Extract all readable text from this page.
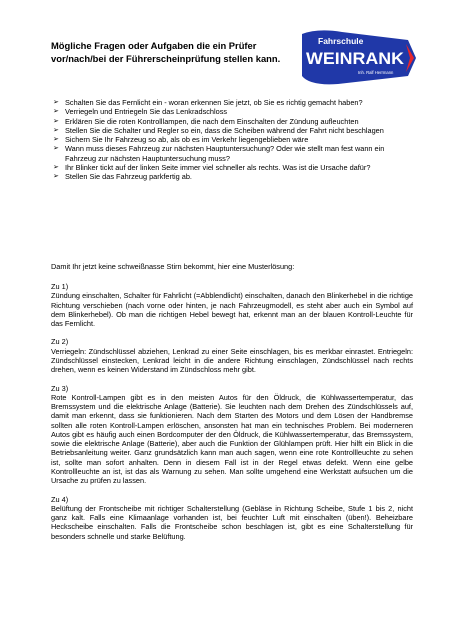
Mögliche Fragen oder Aufgaben die ein Prüfer vor/nach/bei der Führerscheinprüfung stellen kann.
Fahrschule
WEINRANK
Inh. Ralf Herrmann
➢ Schalten Sie das Fernlicht ein - woran erkennen Sie jetzt, ob Sie es richtig gemacht haben?
➢ Verriegeln und Entriegeln Sie das Lenkradschloss
➢ Erklären Sie die roten Kontrolllampen, die nach dem Einschalten der Zündung aufleuchten
➢ Stellen Sie die Schalter und Regler so ein, dass die Scheiben während der Fahrt nicht beschlagen
➢ Sichern Sie Ihr Fahrzeug so ab, als ob es im Verkehr liegengeblieben wäre
➢ Wann muss dieses Fahrzeug zur nächsten Hauptuntersuchung? Oder wie stellt man fest wann ein Fahrzeug zur nächsten Hauptuntersuchung muss?
➢ Ihr Blinker tickt auf der linken Seite immer viel schneller als rechts. Was ist die Ursache dafür?
➢ Stellen Sie das Fahrzeug parkfertig ab.
Damit Ihr jetzt keine schweißnasse Stirn bekommt, hier eine Musterlösung:
Zu 1)
Zündung einschalten, Schalter für Fahrlicht (=Abblendlicht) einschalten, danach den Blinkerhebel in die richtige Richtung verschieben (nach vorne oder hinten, je nach Fahrzeugmodell, es steht aber auch ein Symbol auf dem Blinkerhebel). Ob man die richtigen Hebel bewegt hat, erkennt man an der blauen Kontroll-Leuchte für das Fernlicht.
Zu 2)
Verriegeln: Zündschlüssel abziehen, Lenkrad zu einer Seite einschlagen, bis es merkbar einrastet. Entriegeln: Zündschlüssel einstecken, Lenkrad leicht in die andere Richtung einschlagen, Zündschlüssel nach rechts drehen, wenn es keinen Widerstand im Zündschloss mehr gibt.
Zu 3)
Rote Kontroll-Lampen gibt es in den meisten Autos für den Öldruck, die Kühlwassertemperatur, das Bremssystem und die elektrische Anlage (Batterie). Sie leuchten nach dem Drehen des Zündschlüssels auf, damit man erkennt, dass sie funktionieren. Nach dem Starten des Motors und dem Lösen der Handbremse sollten alle roten Kontroll-Lampen erlöschen, ansonsten hat man ein technisches Problem. Bei moderneren Autos gibt es häufig auch einen Bordcomputer der den Öldruck, die Kühlwassertemperatur, das Bremssystem, sowie die elektrische Anlage (Batterie), aber auch die Funktion der Glühlampen prüft. Hier hilft ein Blick in die Betriebsanleitung weiter. Ganz grundsätzlich kann man auch sagen, wenn eine rote Kontrollleuchte zu sehen ist, sollte man sofort anhalten. Denn in diesem Fall ist in der Regel etwas defekt. Wenn eine gelbe Kontrollleuchte an ist, ist das als Warnung zu sehen. Man sollte umgehend eine Werkstatt aufsuchen um die Ursache zu prüfen zu lassen.
Zu 4)
Belüftung der Frontscheibe mit richtiger Schalterstellung (Gebläse in Richtung Scheibe, Stufe 1 bis 2, nicht ganz kalt. Falls eine Klimaanlage vorhanden ist, bei feuchter Luft mit einschalten (üben!). Beheizbare Heckscheibe einschalten. Falls die Frontscheibe schon beschlagen ist, gibt es eine Schalterstellung für besonders schnelle und starke Belüftung.
